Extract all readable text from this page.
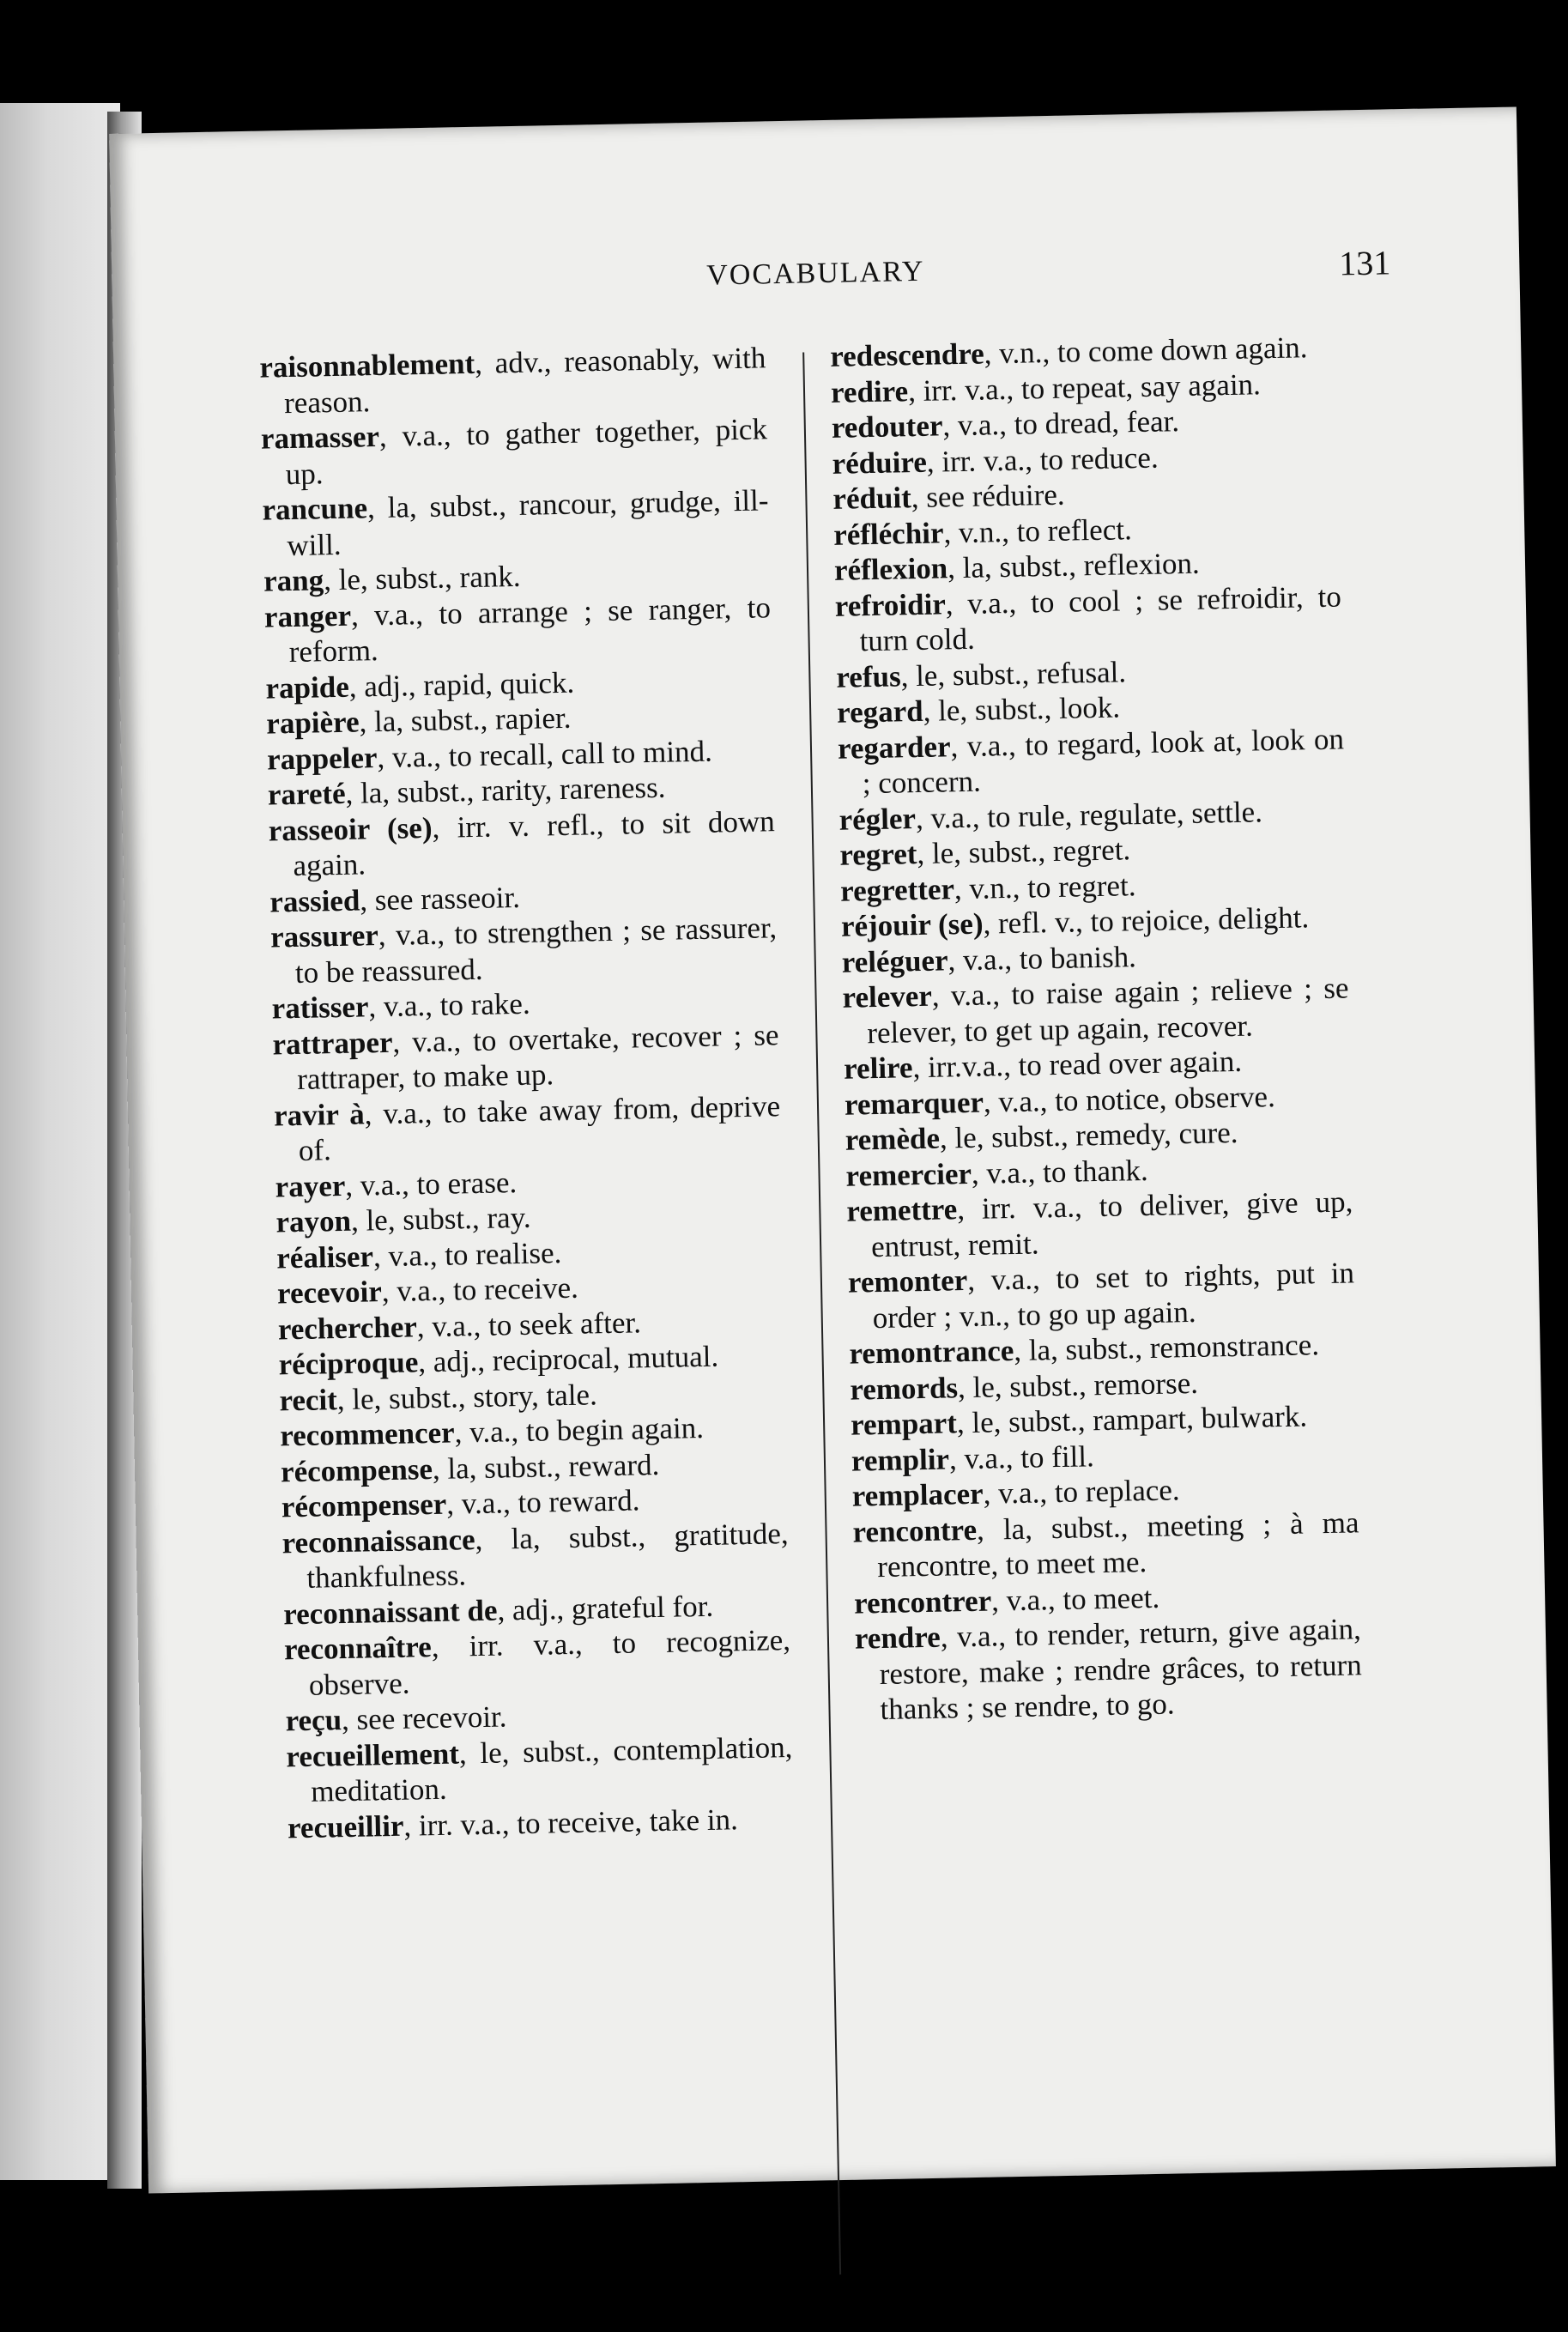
VOCABULARY	131
raisonnablement, adv., reasonably, with reason.
ramasser, v.a., to gather together, pick up.
rancune, la, subst., rancour, grudge, ill-will.
rang, le, subst., rank.
ranger, v.a., to arrange ; se ranger, to reform.
rapide, adj., rapid, quick.
rapière, la, subst., rapier.
rappeler, v.a., to recall, call to mind.
rareté, la, subst., rarity, rareness.
rasseoir (se), irr. v. refl., to sit down again.
rassied, see rasseoir.
rassurer, v.a., to strengthen ; se rassurer, to be reassured.
ratisser, v.a., to rake.
rattraper, v.a., to overtake, recover ; se rattraper, to make up.
ravir à, v.a., to take away from, deprive of.
rayer, v.a., to erase.
rayon, le, subst., ray.
réaliser, v.a., to realise.
recevoir, v.a., to receive.
rechercher, v.a., to seek after.
réciproque, adj., reciprocal, mutual.
recit, le, subst., story, tale.
recommencer, v.a., to begin again.
récompense, la, subst., reward.
récompenser, v.a., to reward.
reconnaissance, la, subst., gratitude, thankfulness.
reconnaissant de, adj., grateful for.
reconnaître, irr. v.a., to recognize, observe.
reçu, see recevoir.
recueillement, le, subst., contemplation, meditation.
recueillir, irr. v.a., to receive, take in.
redescendre, v.n., to come down again.
redire, irr. v.a., to repeat, say again.
redouter, v.a., to dread, fear.
réduire, irr. v.a., to reduce.
réduit, see réduire.
réfléchir, v.n., to reflect.
réflexion, la, subst., reflexion.
refroidir, v.a., to cool ; se refroidir, to turn cold.
refus, le, subst., refusal.
regard, le, subst., look.
regarder, v.a., to regard, look at, look on ; concern.
régler, v.a., to rule, regulate, settle.
regret, le, subst., regret.
regretter, v.n., to regret.
réjouir (se), refl. v., to rejoice, delight.
reléguer, v.a., to banish.
relever, v.a., to raise again ; relieve ; se relever, to get up again, recover.
relire, irr.v.a., to read over again.
remarquer, v.a., to notice, observe.
remède, le, subst., remedy, cure.
remercier, v.a., to thank.
remettre, irr. v.a., to deliver, give up, entrust, remit.
remonter, v.a., to set to rights, put in order ; v.n., to go up again.
remontrance, la, subst., remonstrance.
remords, le, subst., remorse.
rempart, le, subst., rampart, bulwark.
remplir, v.a., to fill.
remplacer, v.a., to replace.
rencontre, la, subst., meeting ; à ma rencontre, to meet me.
rencontrer, v.a., to meet.
rendre, v.a., to render, return, give again, restore, make ; rendre grâces, to return thanks ; se rendre, to go.
